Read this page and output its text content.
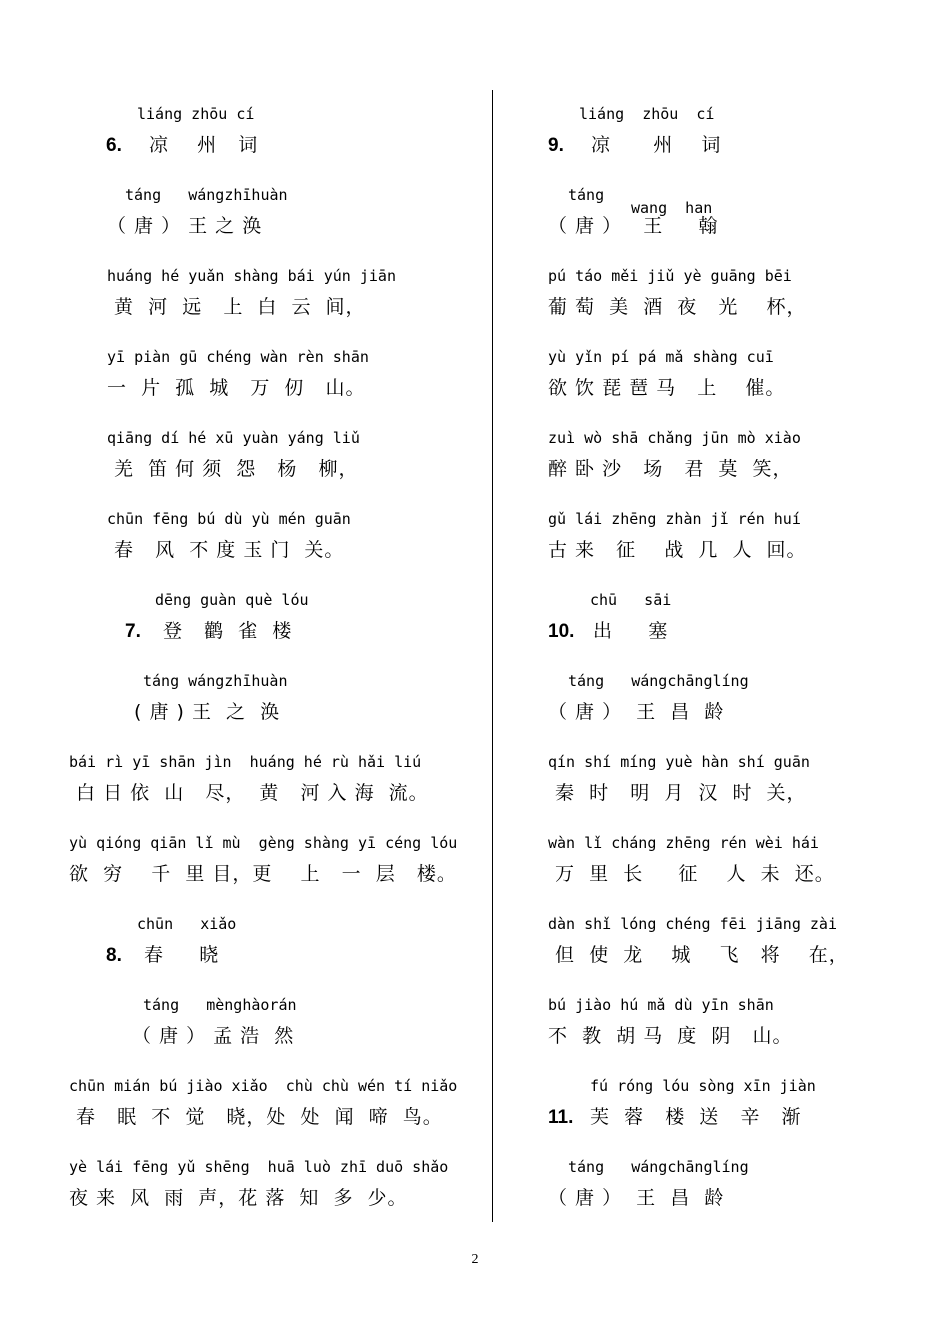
liáng zhōu cí
6. 凉    州   词
táng   wángzhīhuàn
（ 唐 ） 王 之 涣
huáng hé yuǎn shàng bái yún jiān
黄  河  远   上  白  云  间，
yī piàn gū chéng wàn rèn shān
一  片  孤  城   万  仞   山。
qiāng dí hé xū yuàn yáng liǔ
羌  笛 何 须  怨   杨   柳，
chūn fēng bú dù yù mén guān
春   风  不 度 玉 门  关。
dēng guàn què lóu
7. 登   鹳  雀  楼
táng wángzhīhuàn
( 唐 ) 王  之  涣
bái rì yī shān jìn  huáng hé rù hǎi liú
白 日 依  山   尽，  黄   河 入 海  流。
yù qióng qiān lǐ mù  gèng shàng yī céng lóu
欲  穷    千  里 目，更    上   一  层   楼。
chūn   xiǎo
8. 春     晓
táng   mènghàorán
（ 唐 ） 孟 浩  然
chūn mián bú jiào xiǎo  chù chù wén tí niǎo
春   眠  不  觉   晓，处  处  闻  啼  鸟。
yè lái fēng yǔ shēng  huā luò zhī duō shǎo
夜 来  风  雨  声，花 落  知  多  少。
liáng  zhōu  cí
9. 凉      州    词
táng
wang  han
（ 唐 ）   王     翰
pú táo měi jiǔ yè guāng bēi
葡 萄  美  酒  夜   光    杯，
yù yǐn pí pá mǎ shàng cuī
欲 饮 琵 琶 马   上    催。
zuì wò shā chǎng jūn mò xiào
醉 卧 沙   场   君  莫  笑，
gǔ lái zhēng zhàn jǐ rén huí
古 来   征    战  几  人  回。
chū   sāi
10. 出     塞
táng   wángchānglíng
（ 唐 ）  王  昌  龄
qín shí míng yuè hàn shí guān
秦  时   明  月  汉  时  关，
wàn lǐ cháng zhēng rén wèi hái
万  里  长     征    人  未  还。
dàn shǐ lóng chéng fēi jiāng zài
但  使  龙    城    飞   将    在，
bú jiào hú mǎ dù yīn shān
不  教  胡 马  度  阴   山。
fú róng lóu sòng xīn jiàn
11. 芙  蓉   楼  送   辛   渐
táng   wángchānglíng
（ 唐 ）  王  昌  龄
2
